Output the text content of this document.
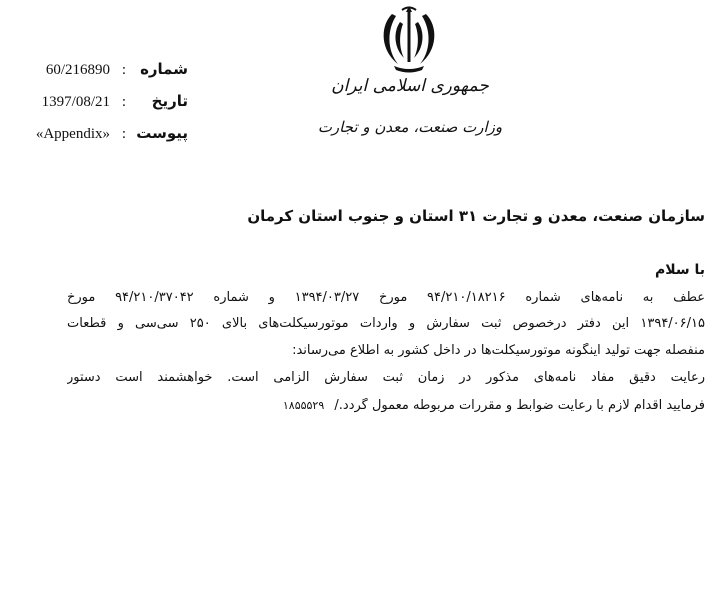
60/216890 : شماره
1397/08/21 : تاریخ
«Appendix» : پیوست
جمهوری اسلامی ایران
وزارت صنعت، معدن و تجارت
سازمان صنعت، معدن و تجارت ۳۱ استان و جنوب استان کرمان
با سلام
عطف به نامه‌های شماره ۹۴/۲۱۰/۱۸۲۱۶ مورخ ۱۳۹۴/۰۳/۲۷ و شماره ۹۴/۲۱۰/۳۷۰۴۲ مورخ
۱۳۹۴/۰۶/۱۵ این دفتر درخصوص ثبت سفارش و واردات موتورسیکلت‌های بالای ۲۵۰ سی‌سی و قطعات
منفصله جهت تولید اینگونه موتورسیکلت‌ها در داخل کشور به اطلاع می‌رساند:
رعایت دقیق مفاد نامه‌های مذکور در زمان ثبت سفارش الزامی است. خواهشمند است دستور
فرمایید اقدام لازم با رعایت ضوابط و مقررات مربوطه معمول گردد./ ۱۸۵۵۵۲۹
